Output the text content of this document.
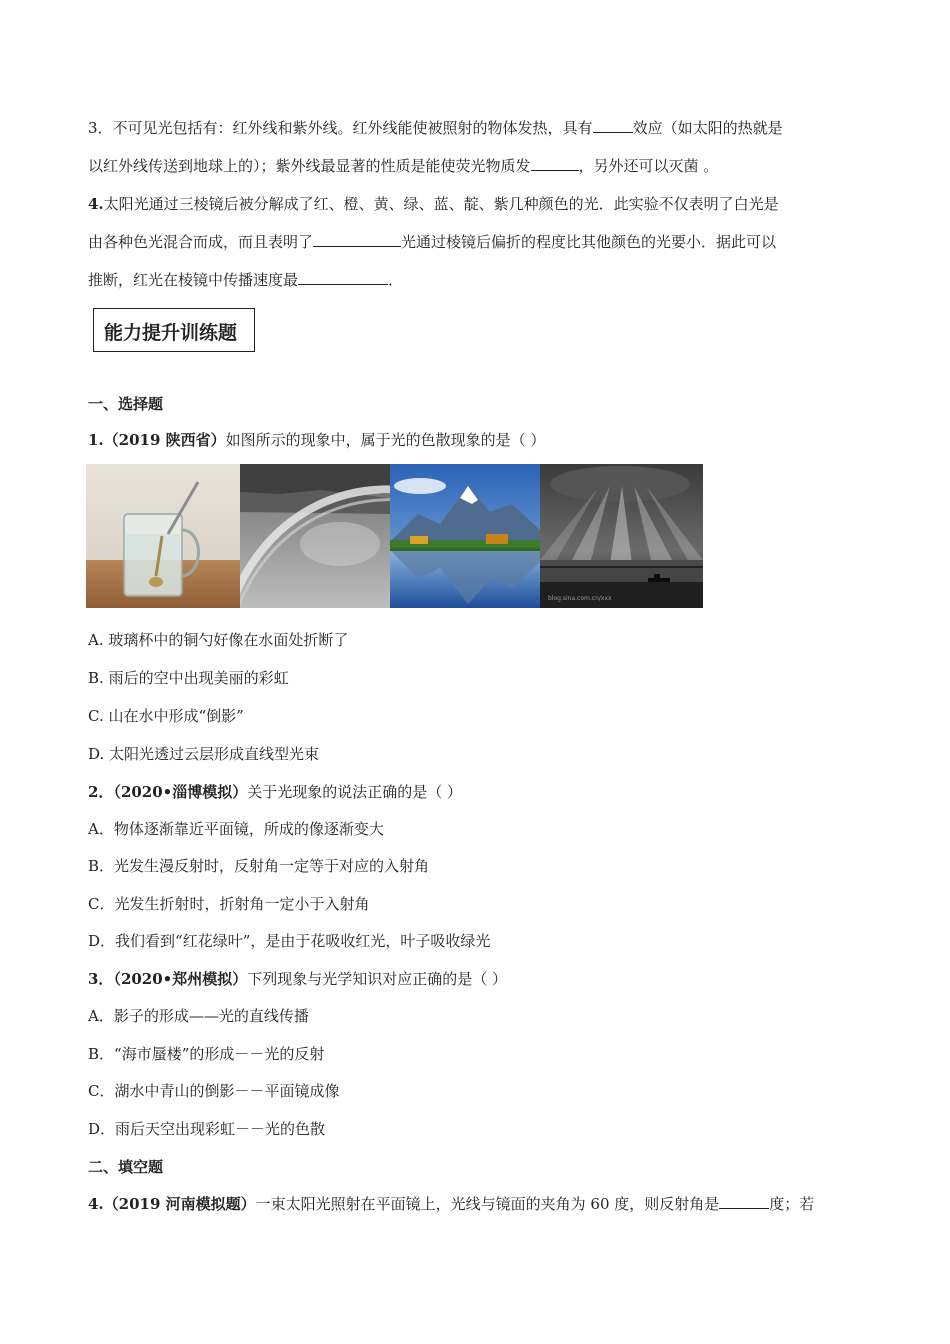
3．不可见光包括有：红外线和紫外线。红外线能使被照射的物体发热，具有	效应（如太阳的热就是
以红外线传送到地球上的）；紫外线最显著的性质是能使荧光物质发	，另外还可以灭菌 。
4.太阳光通过三棱镜后被分解成了红、橙、黄、绿、蓝、靛、紫几种颜色的光．此实验不仅表明了白光是
由各种色光混合而成，而且表明了	光通过棱镜后偏折的程度比其他颜色的光要小．据此可以
推断，红光在棱镜中传播速度最	．
能力提升训练题
一、选择题
1.（2019 陕西省）如图所示的现象中，属于光的色散现象的是（ ）
blog.sina.com.cn/xxx
A. 玻璃杯中的铜勺好像在水面处折断了
B. 雨后的空中出现美丽的彩虹
C. 山在水中形成“倒影”
D. 太阳光透过云层形成直线型光束
2．（2020•淄博模拟）关于光现象的说法正确的是（ ）
A．物体逐渐靠近平面镜，所成的像逐渐变大
B．光发生漫反射时，反射角一定等于对应的入射角
C．光发生折射时，折射角一定小于入射角
D．我们看到“红花绿叶”，是由于花吸收红光，叶子吸收绿光
3．（2020•郑州模拟）下列现象与光学知识对应正确的是（ ）
A．影子的形成——光的直线传播
B．“海市蜃楼”的形成－－光的反射
C．湖水中青山的倒影－－平面镜成像
D．雨后天空出现彩虹－－光的色散
二、填空题
4.（2019 河南模拟题）一束太阳光照射在平面镜上，光线与镜面的夹角为 60 度，则反射角是	度；若
